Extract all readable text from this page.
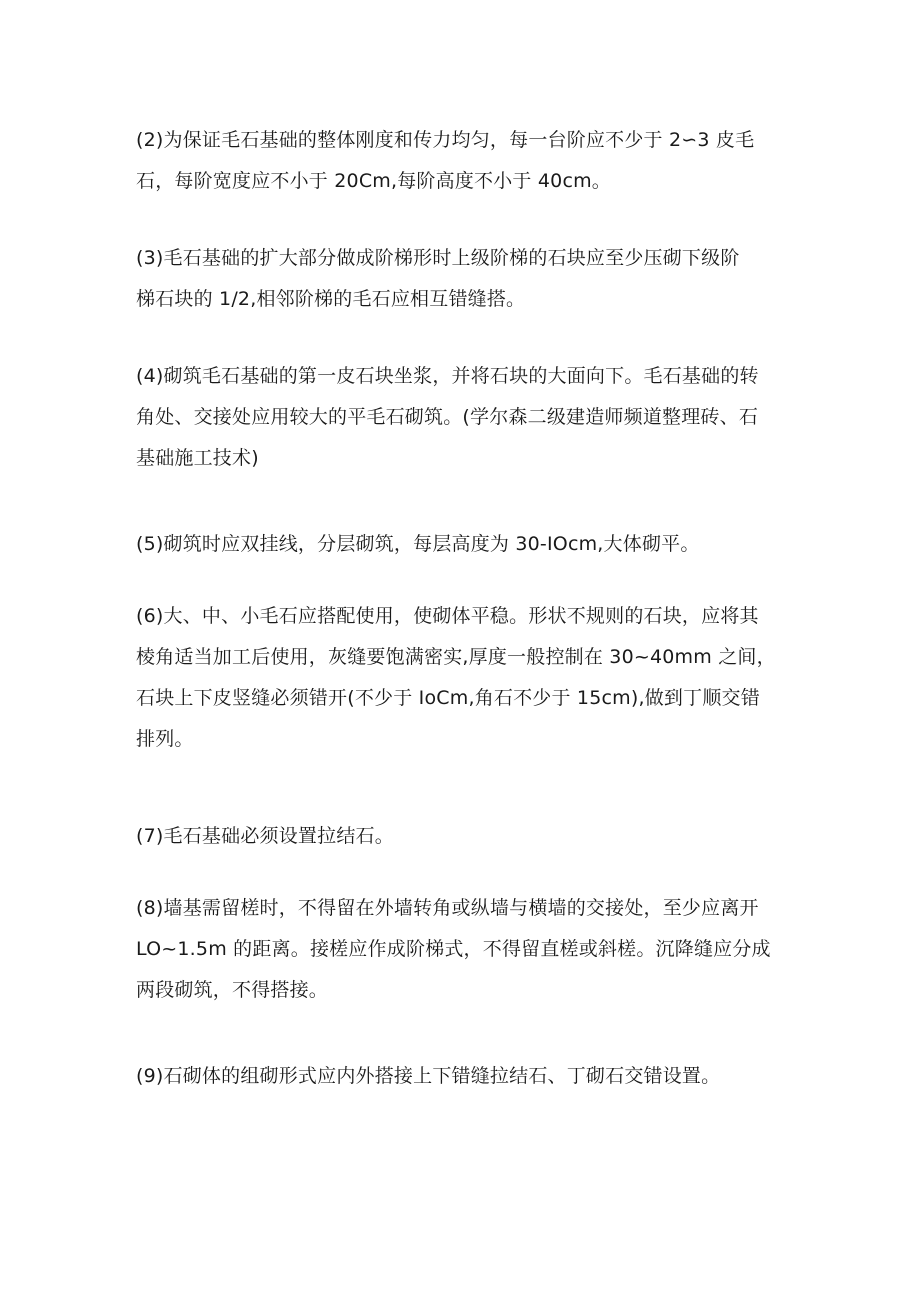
(2)为保证毛石基础的整体刚度和传力均匀，每一台阶应不少于 2∽3 皮毛
石，每阶宽度应不小于 20Cm,每阶高度不小于 40cm。

(3)毛石基础的扩大部分做成阶梯形时上级阶梯的石块应至少压砌下级阶
梯石块的 1/2,相邻阶梯的毛石应相互错缝搭。

(4)砌筑毛石基础的第一皮石块坐浆，并将石块的大面向下。毛石基础的转
角处、交接处应用较大的平毛石砌筑。(学尔森二级建造师频道整理砖、石
基础施工技术)

(5)砌筑时应双挂线，分层砌筑，每层高度为 30-IOcm,大体砌平。

(6)大、中、小毛石应搭配使用，使砌体平稳。形状不规则的石块，应将其
棱角适当加工后使用，灰缝要饱满密实,厚度一般控制在 30~40mm 之间，
石块上下皮竖缝必须错开(不少于 IoCm,角石不少于 15cm),做到丁顺交错
排列。

(7)毛石基础必须设置拉结石。

(8)墙基需留槎时，不得留在外墙转角或纵墙与横墙的交接处，至少应离开
LO~1.5m 的距离。接槎应作成阶梯式，不得留直槎或斜槎。沉降缝应分成
两段砌筑，不得搭接。

(9)石砌体的组砌形式应内外搭接上下错缝拉结石、丁砌石交错设置。
